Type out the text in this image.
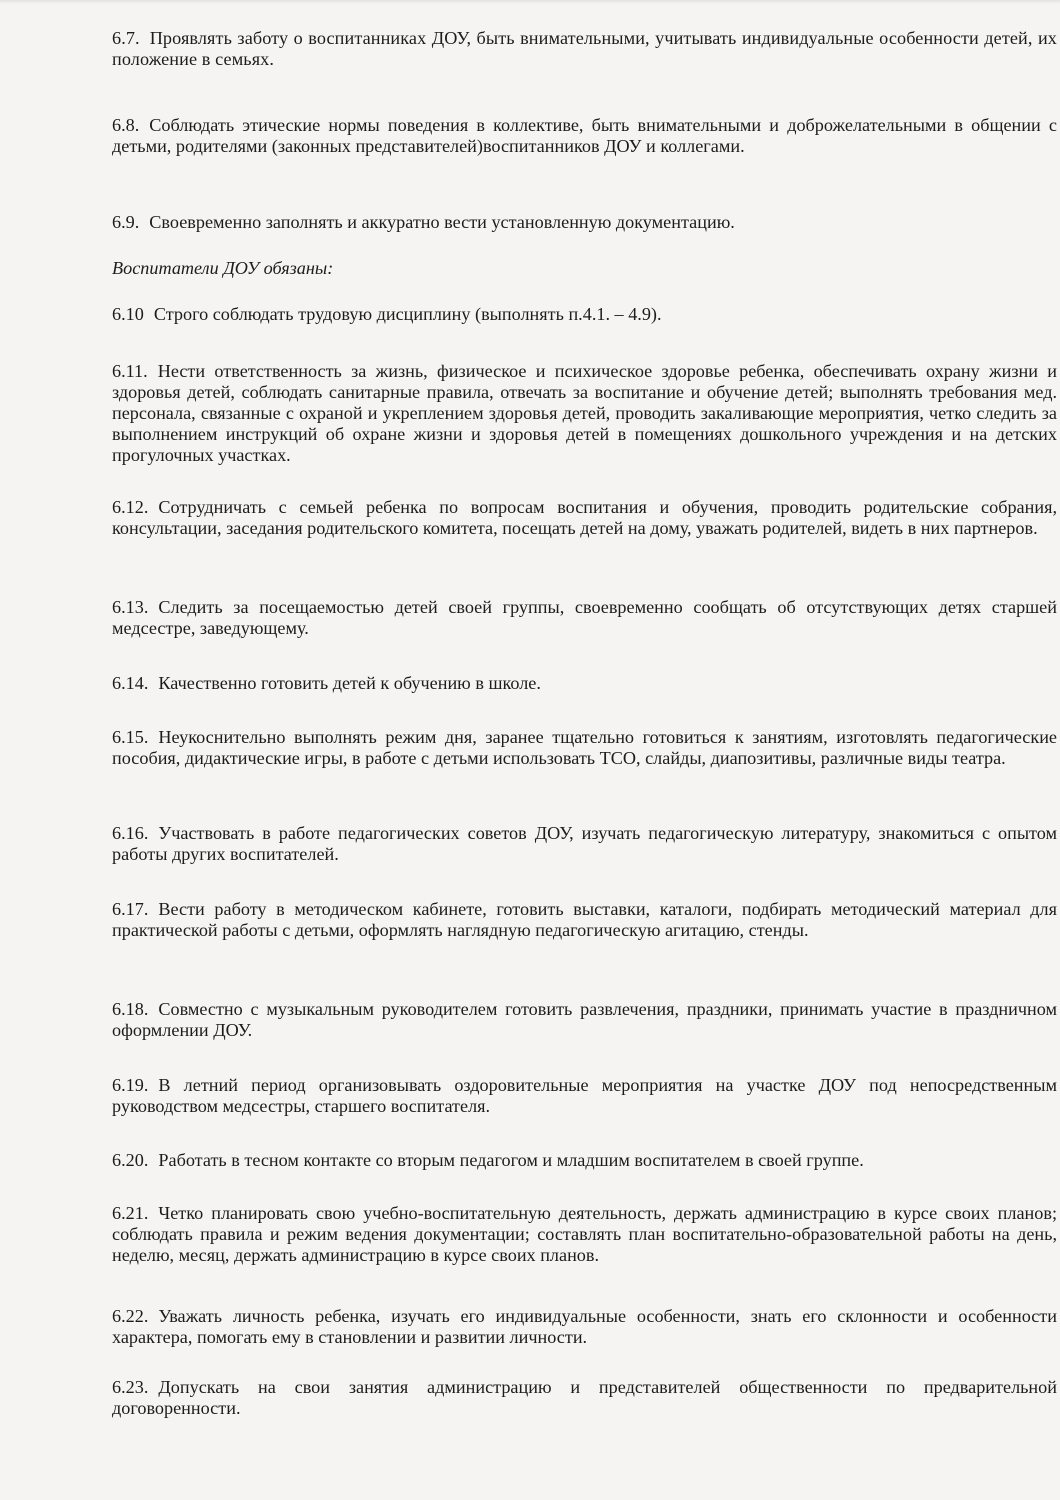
6.7. Проявлять заботу о воспитанниках ДОУ, быть внимательными, учитывать индивидуальные особенности детей, их положение в семьях.

6.8. Соблюдать этические нормы поведения в коллективе, быть внимательными и доброжелательными в общении с детьми, родителями (законных представителей)воспитанников ДОУ и коллегами.

6.9. Своевременно заполнять и аккуратно вести установленную документацию.

Воспитатели ДОУ обязаны:

6.10 Строго соблюдать трудовую дисциплину (выполнять п.4.1. – 4.9).

6.11. Нести ответственность за жизнь, физическое и психическое здоровье ребенка, обеспечивать охрану жизни и здоровья детей, соблюдать санитарные правила, отвечать за воспитание и обучение детей; выполнять требования мед. персонала, связанные с охраной и укреплением здоровья детей, проводить закаливающие мероприятия, четко следить за выполнением инструкций об охране жизни и здоровья детей в помещениях дошкольного учреждения и на детских прогулочных участках.

6.12. Сотрудничать с семьей ребенка по вопросам воспитания и обучения, проводить родительские собрания, консультации, заседания родительского комитета, посещать детей на дому, уважать родителей, видеть в них партнеров.

6.13. Следить за посещаемостью детей своей группы, своевременно сообщать об отсутствующих детях старшей медсестре, заведующему.

6.14. Качественно готовить детей к обучению в школе.

6.15. Неукоснительно выполнять режим дня, заранее тщательно готовиться к занятиям, изготовлять педагогические пособия, дидактические игры, в работе с детьми использовать ТСО, слайды, диапозитивы, различные виды театра.

6.16. Участвовать в работе педагогических советов ДОУ, изучать педагогическую литературу, знакомиться с опытом работы других воспитателей.

6.17. Вести работу в методическом кабинете, готовить выставки, каталоги, подбирать методический материал для практической работы с детьми, оформлять наглядную педагогическую агитацию, стенды.

6.18. Совместно с музыкальным руководителем готовить развлечения, праздники, принимать участие в праздничном оформлении ДОУ.

6.19. В летний период организовывать оздоровительные мероприятия на участке ДОУ под непосредственным руководством медсестры, старшего воспитателя.

6.20. Работать в тесном контакте со вторым педагогом и младшим воспитателем в своей группе.

6.21. Четко планировать свою учебно-воспитательную деятельность, держать администрацию в курсе своих планов; соблюдать правила и режим ведения документации; составлять план воспитательно-образовательной работы на день, неделю, месяц, держать администрацию в курсе своих планов.

6.22. Уважать личность ребенка, изучать его индивидуальные особенности, знать его склонности и особенности характера, помогать ему в становлении и развитии личности.

6.23. Допускать на свои занятия администрацию и представителей общественности по предварительной договоренности.
